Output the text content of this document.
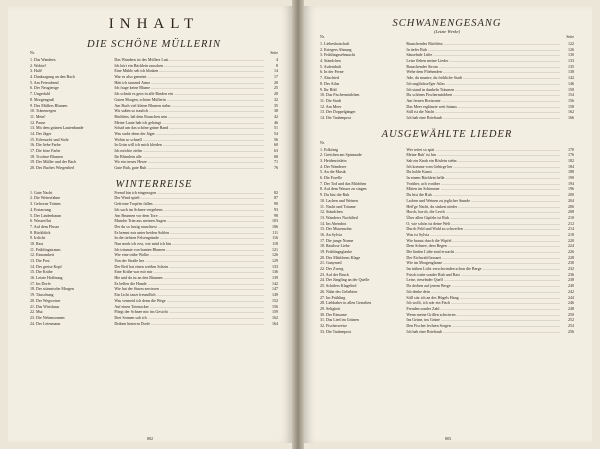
INHALT
DIE SCHÖNE MÜLLERIN
Nr.	Seite
1. Das Wandern	Das Wandern ist des Müllers Lust .....	4
2. Wohin?	Ich hört ein Bächlein rauschen .....	8
3. Halt!	Eine Mühle seh ich blinken .....	14
4. Danksagung an den Bach	War es also gemeint .....	17
5. Am Feierabend	Hätt ich tausend Arme .....	20
6. Der Neugierige	Ich frage keine Blume .....	25
7. Ungeduld	Ich schnitt es gern in alle Rinden ein .....	28
8. Morgengruß	Guten Morgen, schöne Müllerin .....	32
9. Des Müllers Blumen	Am Bach viel kleine Blumen stehn .....	35
10. Tränenregen	Wir saßen so traulich .....	38
11. Mein!	Bächlein, laß dein Rauschen sein .....	42
12. Pause	Meine Laute hab ich gehängt .....	46
13. Mit dem grünen Lautenbande	Schad um das schöne grüne Band .....	51
14. Der Jäger	Was sucht denn der Jäger .....	54
15. Eifersucht und Stolz	Wohin so schnell .....	56
16. Die liebe Farbe	In Grün will ich mich kleiden .....	60
17. Die böse Farbe	Ich möchte ziehn .....	63
18. Trockne Blumen	Ihr Blümlein alle .....	68
19. Der Müller und der Bach	Wo ein treues Herze .....	71
20. Des Baches Wiegenlied	Gute Ruh, gute Ruh .....	76
WINTERREISE
1. Gute Nacht	Fremd bin ich eingezogen .....	82
2. Die Wetterfahne	Der Wind spielt .....	87
3. Gefrorne Tränen	Gefrorne Tropfen fallen .....	90
4. Erstarrung	Ich such im Schnee vergebens .....	93
5. Der Lindenbaum	Am Brunnen vor dem Tore .....	98
6. Wasserflut	Manche Trän aus meinen Augen .....	103
7. Auf dem Flusse	Der du so lustig rauschtest .....	106
8. Rückblick	Es brennt mir unter beiden Sohlen .....	111
9. Irrlicht	In die tiefsten Felsengründe .....	116
10. Rast	Nun merk ich erst, wie müd ich bin .....	118
11. Frühlingstraum	Ich träumte von bunten Blumen .....	121
12. Einsamkeit	Wie eine trübe Wolke .....	126
13. Die Post	Von der Straße her .....	129
14. Der greise Kopf	Der Reif hat einen weißen Schein .....	133
15. Die Krähe	Eine Krähe war mit mir .....	136
16. Letzte Hoffnung	Hie und da ist an den Bäumen .....	139
17. Im Dorfe	Es bellen die Hunde .....	142
18. Der stürmische Morgen	Wie hat der Sturm zerrissen .....	147
19. Täuschung	Ein Licht tanzt freundlich .....	149
20. Der Wegweiser	Was vermeid ich denn die Wege .....	152
21. Das Wirtshaus	Auf einen Totenacker .....	156
22. Mut	Fliegt der Schnee mir ins Gesicht .....	159
23. Die Nebensonnen	Drei Sonnen sah ich .....	162
24. Der Leiermann	Drüben hinterm Dorfe .....	164
802
SCHWANENGESANG
(Letzte Werke)
Nr.	Seite
1. Liebesbotschaft	Rauschendes Bächlein .....	122
2. Kriegers Ahnung	In tiefer Ruh .....	126
3. Frühlingssehnsucht	Säuselnde Lüfte .....	130
4. Ständchen	Leise flehen meine Lieder .....	133
5. Aufenthalt	Rauschender Strom .....	135
6. In der Ferne	Wehe dem Fliehenden .....	138
7. Abschied	Ade, du muntre, du fröhliche Stadt .....	142
8. Der Atlas	Ich unglücksel'ger Atlas .....	146
9. Ihr Bild	Ich stand in dunkeln Träumen .....	150
10. Das Fischermädchen	Du schönes Fischermädchen .....	154
11. Die Stadt	Am fernen Horizonte .....	156
12. Am Meer	Das Meer erglänzte weit hinaus .....	158
13. Der Doppelgänger	Still ist die Nacht .....	162
14. Die Taubenpost	Ich hab eine Brieftaub .....	166
AUSGEWÄHLTE LIEDER
Nr.
1. Erlkönig	Wer reitet so spät .....	170
2. Gretchen am Spinnrade	Meine Ruh' ist hin .....	176
3. Heidenröslein	Sah ein Knab ein Röslein stehn .....	182
4. Der Wanderer	Ich komme vom Gebirge her .....	184
5. An die Musik	Du holde Kunst .....	188
6. Die Forelle	In einem Bächlein helle .....	190
7. Der Tod und das Mädchen	Vorüber, ach vorüber .....	194
8. Auf dem Wasser zu singen	Mitten im Schimmer .....	196
9. Du bist die Ruh	Du bist die Ruh .....	200
10. Lachen und Weinen	Lachen und Weinen zu jeglicher Stunde .....	204
11. Nacht und Träume	Heil'ge Nacht, du sinkest nieder .....	206
12. Ständchen	Horch, horch, die Lerch .....	208
13. Wandrers Nachtlied	Über allen Gipfeln ist Ruh .....	210
14. Im Abendrot	O, wie schön ist deine Welt .....	212
15. Der Musensohn	Durch Feld und Wald zu schweifen .....	214
16. An Sylvia	Was ist Sylvia .....	218
17. Die junge Nonne	Wie braust durch die Wipfel .....	220
18. Rastlose Liebe	Dem Schnee, dem Regen .....	224
19. Frühlingsglaube	Die linden Lüfte sind erwacht .....	226
20. Des Mädchens Klage	Der Eichwald brauset .....	228
21. Ganymed	Wie im Morgenglanze .....	230
22. Der Zwerg	Im trüben Licht verschwinden schon die Berge .....	232
23. Auf der Bruck	Frisch trabe sonder Ruh und Rast .....	236
24. Der Jüngling an der Quelle	Leise, rieselnder Quell .....	238
25. Schäfers Klagelied	Da droben auf jenem Berge .....	240
26. Nähe des Geliebten	Ich denke dein .....	242
27. Im Frühling	Still sitz ich an des Hügels Hang .....	244
28. Liebhaber in allen Gestalten	Ich wollt, ich wär ein Fisch .....	246
29. Seligkeit	Freuden sonder Zahl .....	248
30. Der Einsame	Wenn meine Grillen schwirren .....	250
31. Das Lied im Grünen	Ins Grüne, ins Grüne .....	252
32. Fischerweise	Den Fischer fechten Sorgen .....	254
33. Die Taubenpost	Ich hab eine Brieftaub .....	256
803
